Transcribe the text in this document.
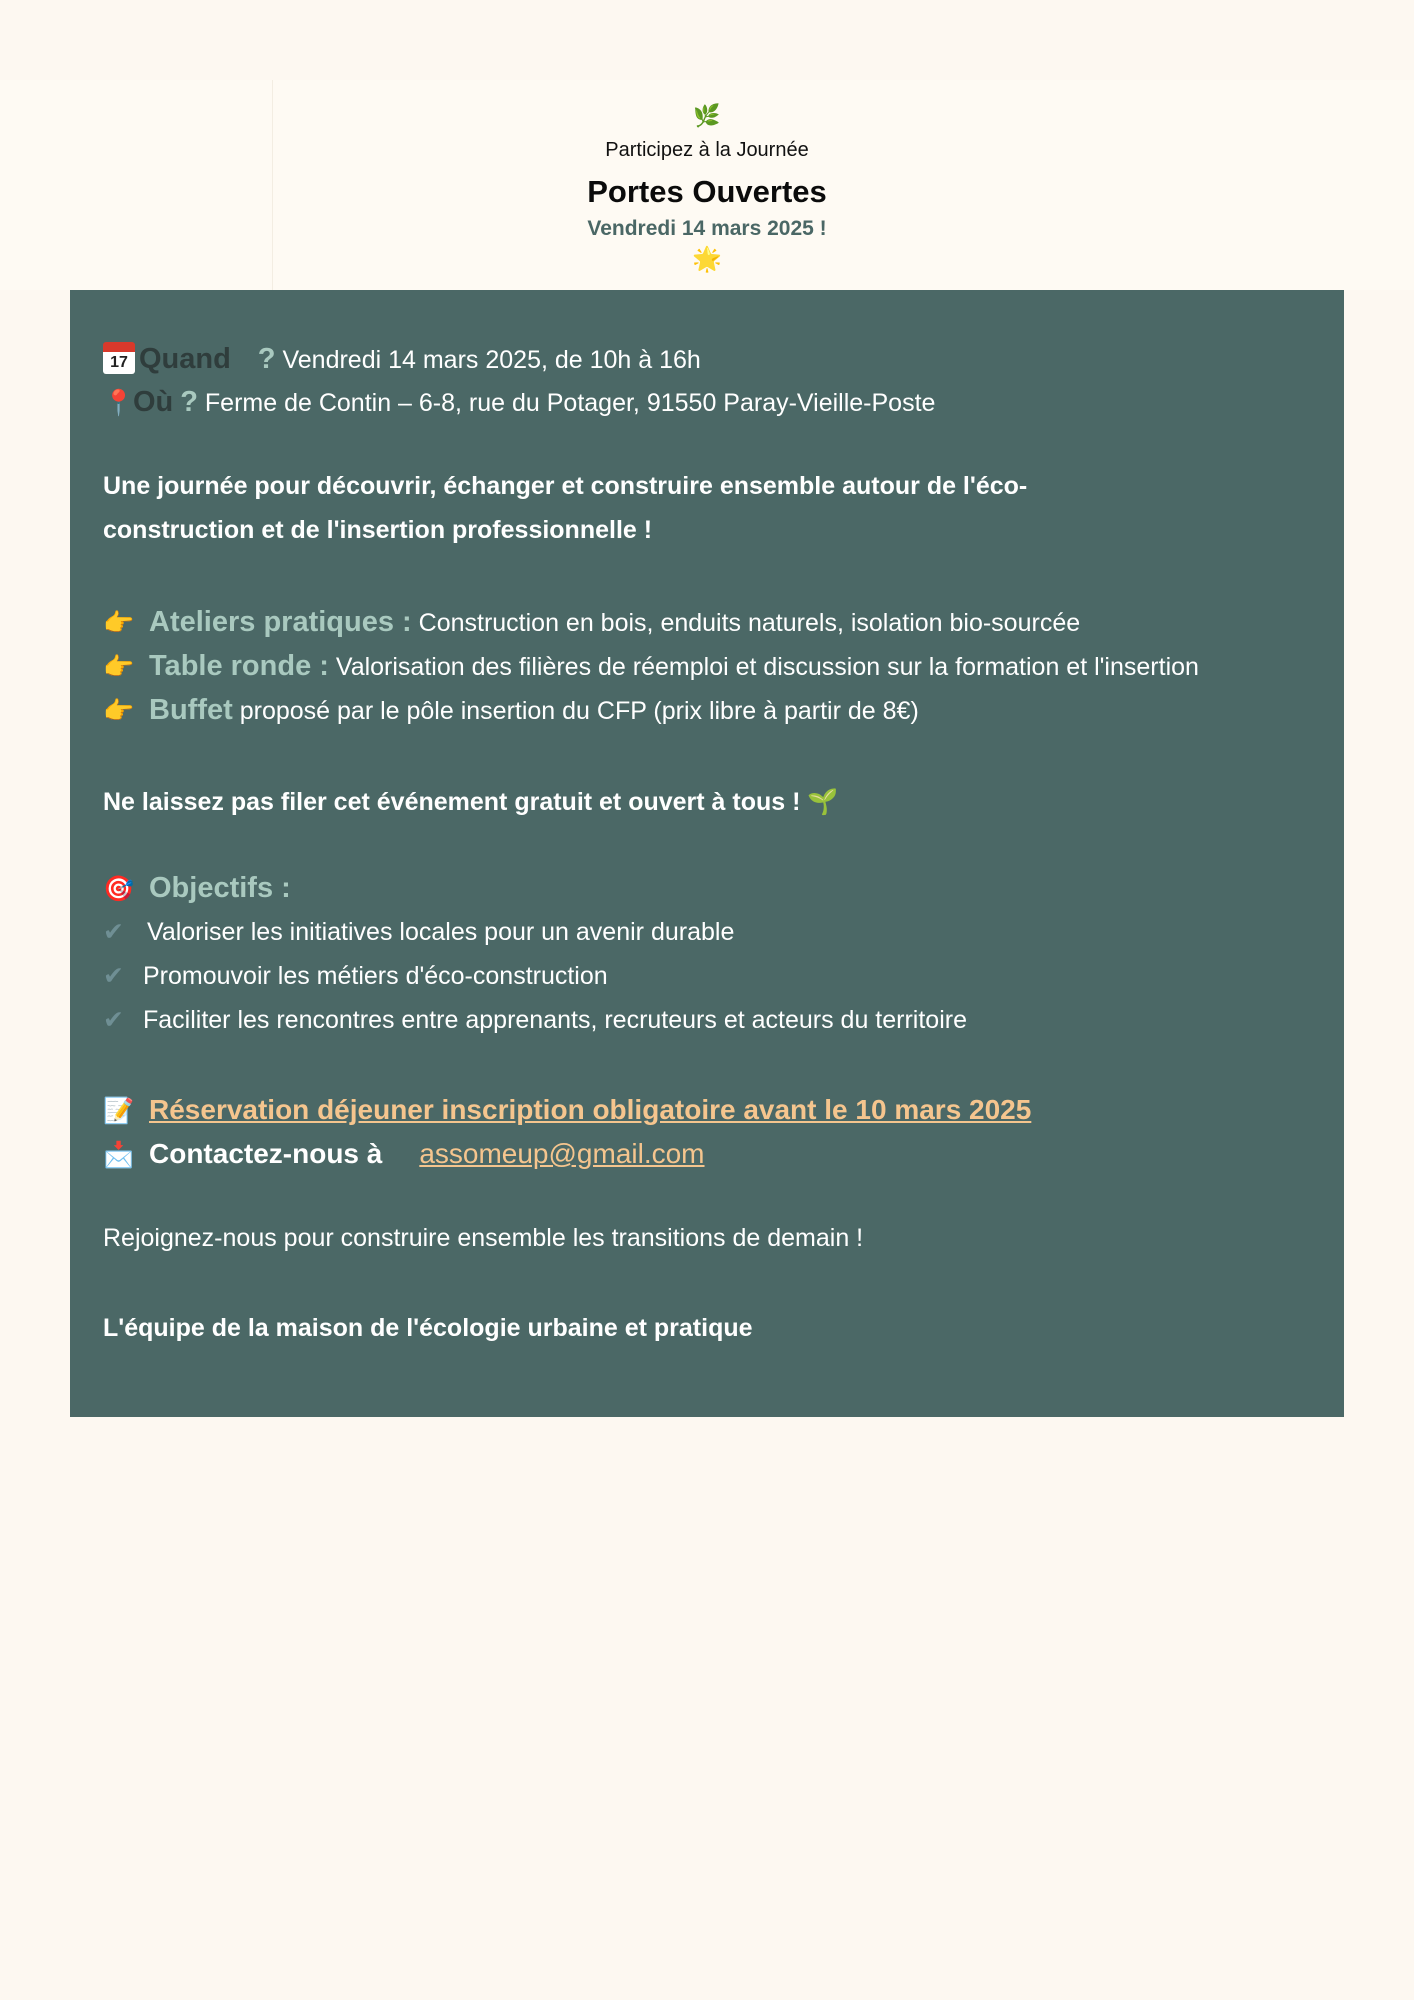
🌿
Participez à la Journée
Portes Ouvertes
Vendredi 14 mars 2025 !
🌟
17 Quand ? Vendredi 14 mars 2025, de 10h à 16h
📍Où ? Ferme de Contin – 6-8, rue du Potager, 91550 Paray-Vieille-Poste
Une journée pour découvrir, échanger et construire ensemble autour de l'éco-
construction et de l'insertion professionnelle !
👉 Ateliers pratiques : Construction en bois, enduits naturels, isolation bio-sourcée
👉 Table ronde : Valorisation des filières de réemploi et discussion sur la formation et l'insertion
👉 Buffet proposé par le pôle insertion du CFP (prix libre à partir de 8€)
Ne laissez pas filer cet événement gratuit et ouvert à tous ! 🌱
🎯 Objectifs :
✔ Valoriser les initiatives locales pour un avenir durable
✔ Promouvoir les métiers d'éco-construction
✔ Faciliter les rencontres entre apprenants, recruteurs et acteurs du territoire
📝 Réservation déjeuner inscription obligatoire avant le 10 mars 2025
📩 Contactez-nous à assomeup@gmail.com
Rejoignez-nous pour construire ensemble les transitions de demain !
L'équipe de la maison de l'écologie urbaine et pratique
